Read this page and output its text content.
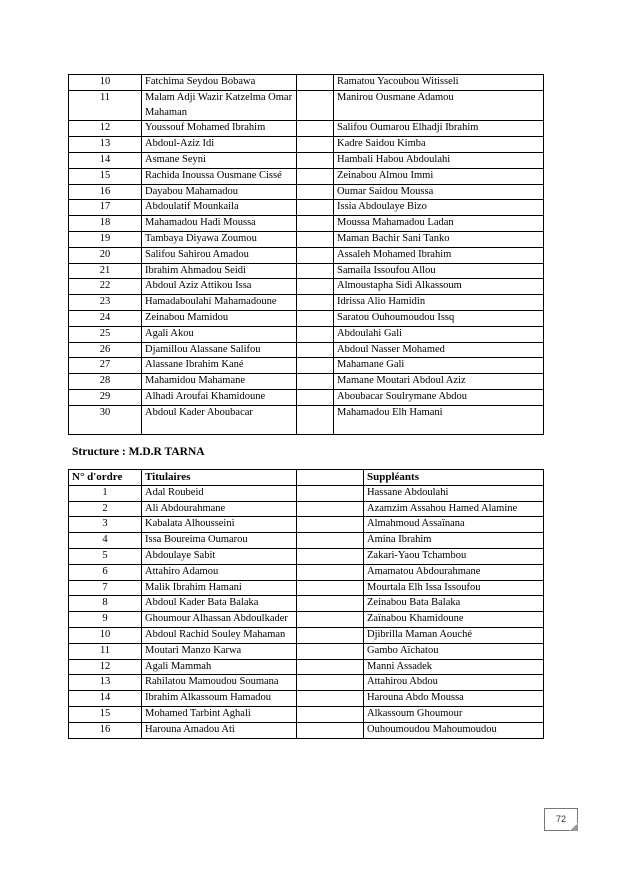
10	Fatchima Seydou Bobawa		Ramatou Yacoubou Witisseli
11	Malam Adji Wazir Katzelma Omar Mahaman		Manirou Ousmane Adamou
12	Youssouf Mohamed Ibrahim		Salifou Oumarou Elhadji Ibrahim
13	Abdoul-Aziz Idi		Kadre Saidou Kimba
14	Asmane Seyni		Hambali Habou Abdoulahi
15	Rachida Inoussa Ousmane Cissé		Zeinabou Almou Immi
16	Dayabou Mahamadou		Oumar Saidou Moussa
17	Abdoulatif Mounkaila		Issia Abdoulaye Bizo
18	Mahamadou Hadi Moussa		Moussa Mahamadou Ladan
19	Tambaya Diyawa Zoumou		Maman Bachir Sani Tanko
20	Salifou Sahirou Amadou		Assaleh Mohamed Ibrahim
21	Ibrahim Ahmadou Seidi		Samaila Issoufou Allou
22	Abdoul Aziz Attikou Issa		Almoustapha Sidi Alkassoum
23	Hamadaboulahi Mahamadoune		Idrissa Alio Hamidin
24	Zeinabou Mamidou		Saratou Ouhoumoudou Issq
25	Agali Akou		Abdoulahi Gali
26	Djamillou Alassane Salifou		Abdoul Nasser Mohamed
27	Alassane Ibrahim Kané		Mahamane Gali
28	Mahamidou Mahamane		Mamane Moutari Abdoul Aziz
29	Alhadi Aroufai Khamidoune		Aboubacar Soulrymane Abdou
30	Abdoul Kader Aboubacar		Mahamadou Elh Hamani
Structure : M.D.R TARNA
N° d'ordre	Titulaires		Suppléants
1	Adal Roubeid		Hassane Abdoulahi
2	Ali Abdourahmane		Azamzim Assahou Hamed Alamine
3	Kabalata Alhousseini		Almahmoud Assaïnana
4	Issa Boureima Oumarou		Amina Ibrahim
5	Abdoulaye Sabit		Zakari-Yaou Tchambou
6	Attahiro Adamou		Amamatou Abdourahmane
7	Malik Ibrahim Hamani		Mourtala Elh Issa Issoufou
8	Abdoul Kader Bata Balaka		Zeinabou Bata Balaka
9	Ghoumour Alhassan Abdoulkader		Zaïnabou Khamidoune
10	Abdoul Rachid Souley Mahaman		Djibrilla Maman Aouché
11	Moutari Manzo Karwa		Gambo Aïchatou
12	Agali Mammah		Manni Assadek
13	Rahilatou Mamoudou Soumana		Attahirou Abdou
14	Ibrahim Alkassoum Hamadou		Harouna Abdo Moussa
15	Mohamed Tarbint Aghali		Alkassoum Ghoumour
16	Harouna Amadou Ati		Ouhoumoudou Mahoumoudou
72
